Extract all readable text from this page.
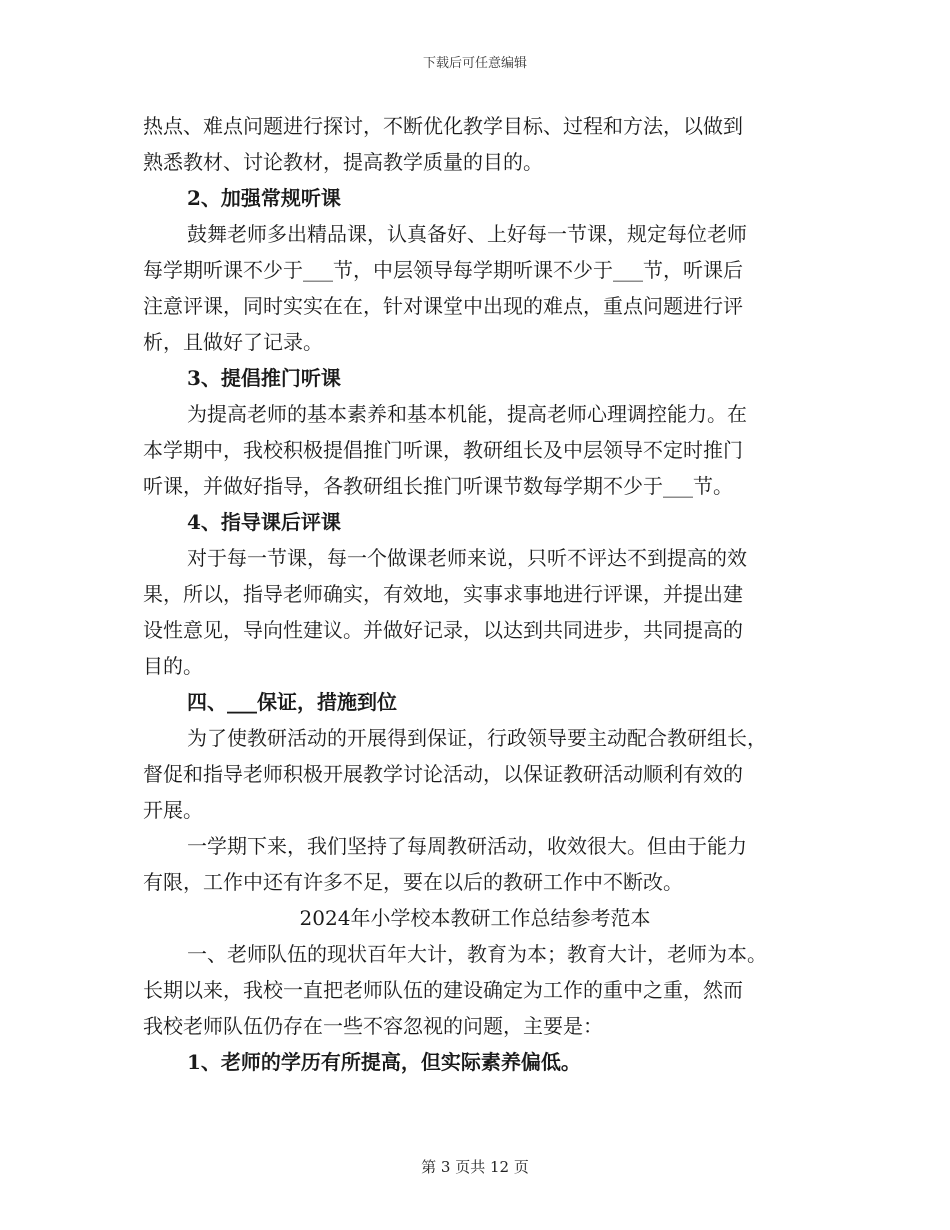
下载后可任意编辑
热点、难点问题进行探讨，不断优化教学目标、过程和方法，以做到
熟悉教材、讨论教材，提高教学质量的目的。
2、加强常规听课
鼓舞老师多出精品课，认真备好、上好每一节课，规定每位老师
每学期听课不少于___节，中层领导每学期听课不少于___节，听课后
注意评课，同时实实在在，针对课堂中出现的难点，重点问题进行评
析，且做好了记录。
3、提倡推门听课
为提高老师的基本素养和基本机能，提高老师心理调控能力。在
本学期中，我校积极提倡推门听课，教研组长及中层领导不定时推门
听课，并做好指导，各教研组长推门听课节数每学期不少于___节。
4、指导课后评课
对于每一节课，每一个做课老师来说，只听不评达不到提高的效
果，所以，指导老师确实，有效地，实事求事地进行评课，并提出建
设性意见，导向性建议。并做好记录，以达到共同进步，共同提高的
目的。
四、___保证，措施到位
为了使教研活动的开展得到保证，行政领导要主动配合教研组长，
督促和指导老师积极开展教学讨论活动，以保证教研活动顺利有效的
开展。
一学期下来，我们坚持了每周教研活动，收效很大。但由于能力
有限，工作中还有许多不足，要在以后的教研工作中不断改。
2024年小学校本教研工作总结参考范本
一、老师队伍的现状百年大计，教育为本；教育大计，老师为本。
长期以来，我校一直把老师队伍的建设确定为工作的重中之重，然而
我校老师队伍仍存在一些不容忽视的问题，主要是：
1、老师的学历有所提高，但实际素养偏低。
第 3 页共 12 页
